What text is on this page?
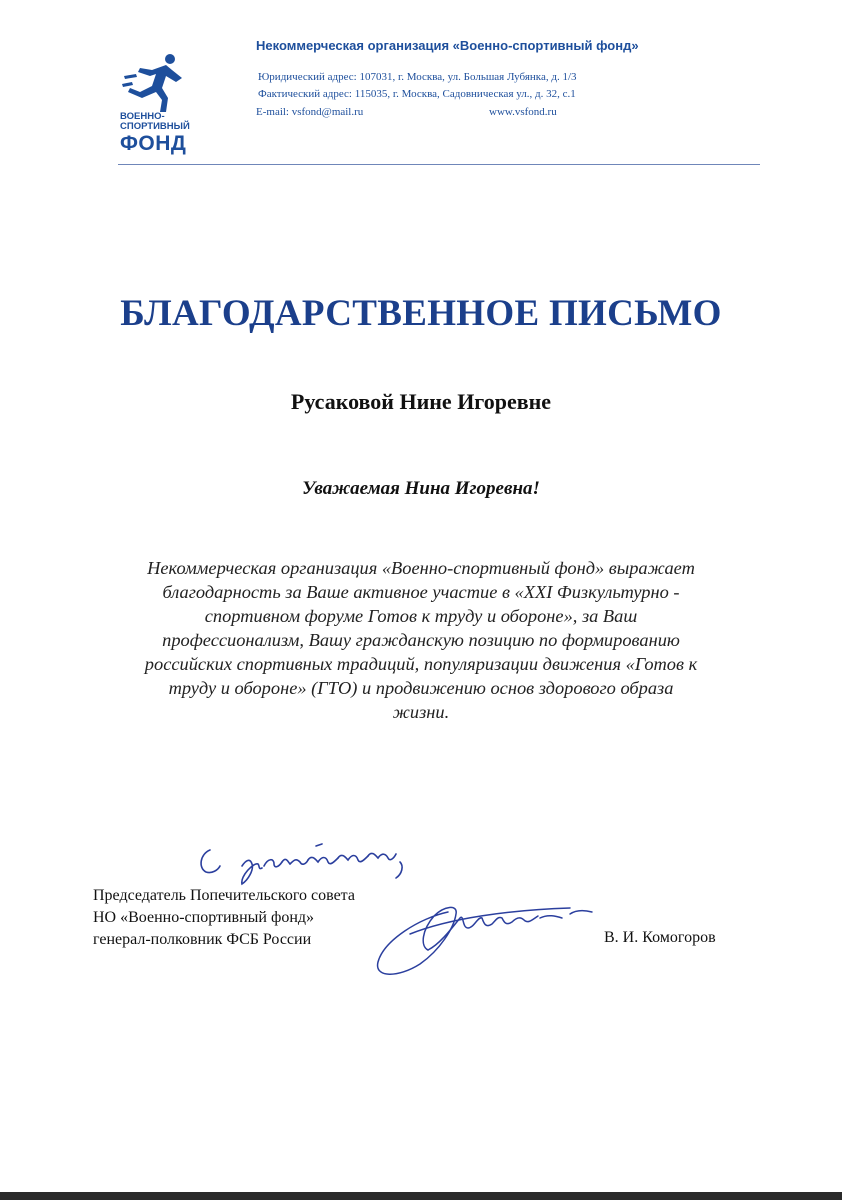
ВОЕННО-
СПОРТИВНЫЙ
ФОНД
Некоммерческая организация «Военно-спортивный фонд»
Юридический адрес: 107031, г. Москва, ул. Большая Лубянка, д. 1/3
Фактический адрес: 115035, г. Москва, Садовническая ул., д. 32, с.1
E-mail: vsfond@mail.ru	www.vsfond.ru
БЛАГОДАРСТВЕННОЕ ПИСЬМО
Русаковой Нине Игоревне
Уважаемая Нина Игоревна!
Некоммерческая организация «Военно-спортивный фонд» выражает
благодарность за Ваше активное участие в «XXI Физкультурно -
спортивном форуме Готов к труду и обороне», за Ваш
профессионализм, Вашу гражданскую позицию по формированию
российских спортивных традиций, популяризации движения «Готов к
труду и обороне» (ГТО) и продвижению основ здорового образа
жизни.
Председатель Попечительского совета
НО «Военно-спортивный фонд»
генерал-полковник ФСБ России	В. И. Комогоров
